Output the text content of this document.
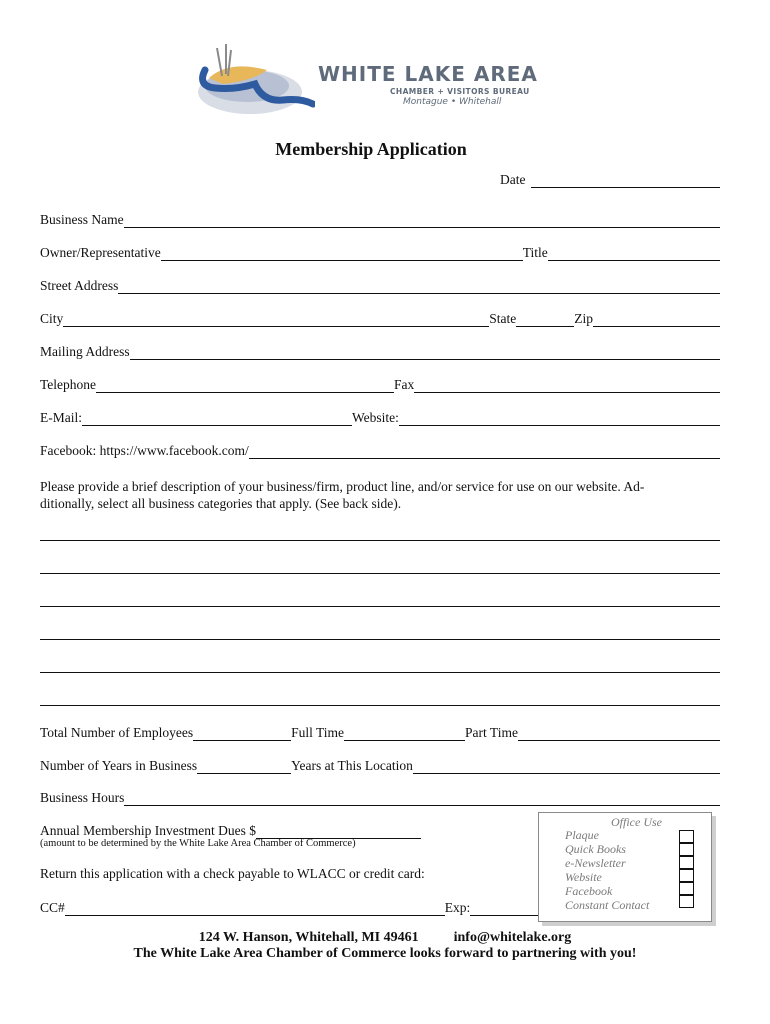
WHITE LAKE AREA
CHAMBER + VISITORS BUREAU
Montague • Whitehall
Membership Application
Date
Business Name
Owner/Representative	Title
Street Address
City	State	Zip
Mailing Address
Telephone	Fax
E-Mail:	Website:
Facebook: https://www.facebook.com/
Please provide a brief description of your business/firm, product line, and/or service for use on our website. Ad-
ditionally, select all business categories that apply. (See back side).
Total Number of Employees	Full Time	Part Time
Number of Years in Business	Years at This Location
Business Hours
Annual Membership Investment Dues $
(amount to be determined by the White Lake Area Chamber of Commerce)
Return this application with a check payable to WLACC or credit card:
CC#	Exp:
Office Use
Plaque
Quick Books
e-Newsletter
Website
Facebook
Constant Contact
124 W. Hanson, Whitehall, MI 49461	info@whitelake.org
The White Lake Area Chamber of Commerce looks forward to partnering with you!
